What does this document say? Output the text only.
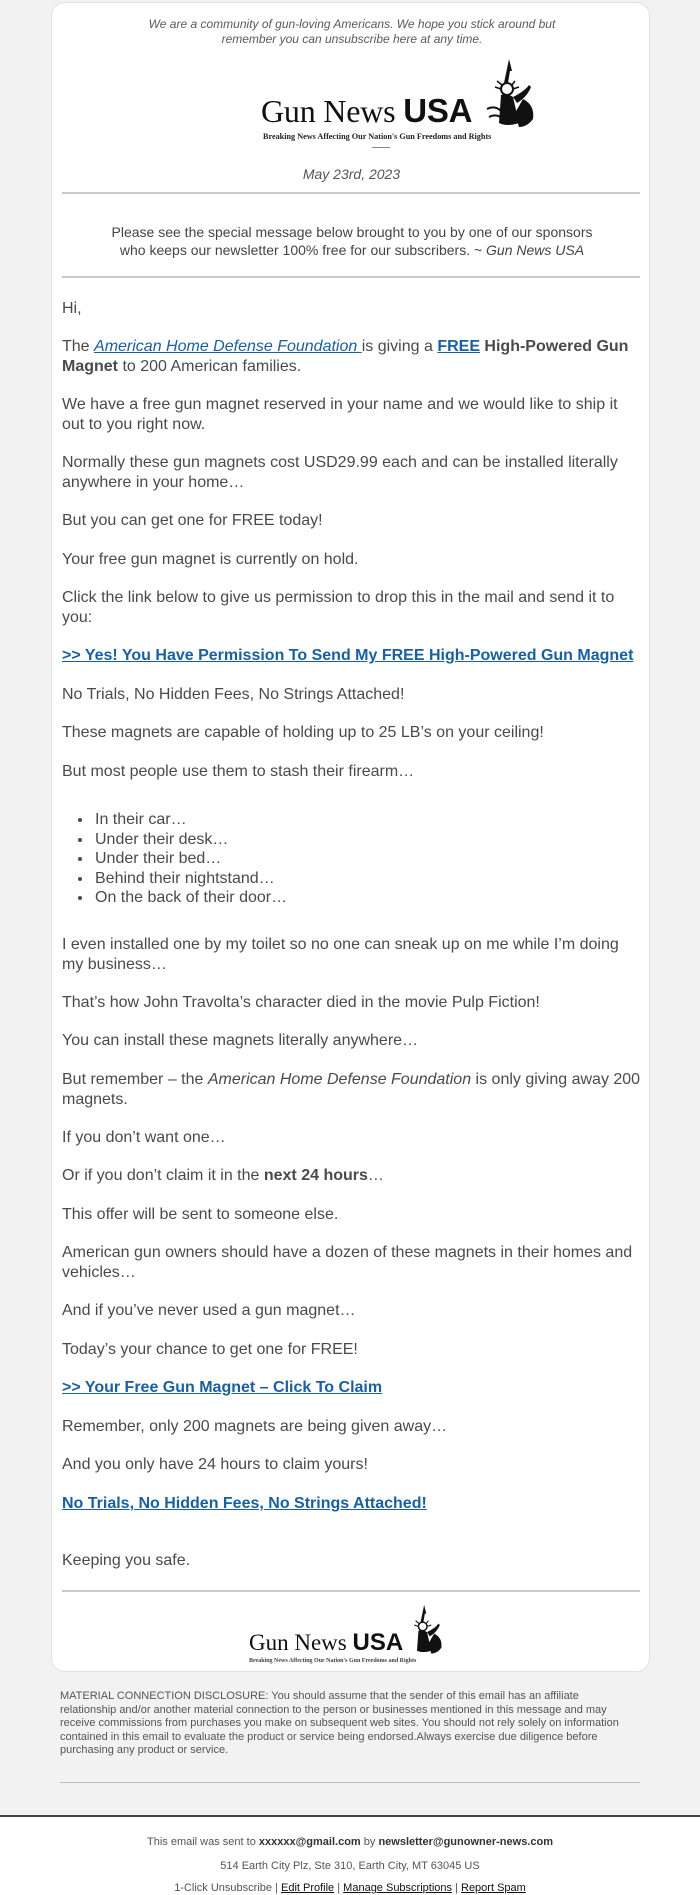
We are a community of gun-loving Americans. We hope you stick around but remember you can unsubscribe here at any time.
Gun News USA
Breaking News Affecting Our Nation's Gun Freedoms and Rights
May 23rd, 2023
Please see the special message below brought to you by one of our sponsors
who keeps our newsletter 100% free for our subscribers. ~ Gun News USA

Hi,

The American Home Defense Foundation is giving a FREE High-Powered Gun Magnet to 200 American families.

We have a free gun magnet reserved in your name and we would like to ship it out to you right now.

Normally these gun magnets cost USD29.99 each and can be installed literally anywhere in your home…

But you can get one for FREE today!

Your free gun magnet is currently on hold.

Click the link below to give us permission to drop this in the mail and send it to you:

>> Yes! You Have Permission To Send My FREE High-Powered Gun Magnet

No Trials, No Hidden Fees, No Strings Attached!

These magnets are capable of holding up to 25 LB’s on your ceiling!

But most people use them to stash their firearm…

• In their car…
• Under their desk…
• Under their bed…
• Behind their nightstand…
• On the back of their door…

I even installed one by my toilet so no one can sneak up on me while I’m doing my business…

That’s how John Travolta’s character died in the movie Pulp Fiction!

You can install these magnets literally anywhere…

But remember – the American Home Defense Foundation is only giving away 200 magnets.

If you don’t want one…

Or if you don’t claim it in the next 24 hours…

This offer will be sent to someone else.

American gun owners should have a dozen of these magnets in their homes and vehicles…

And if you’ve never used a gun magnet…

Today’s your chance to get one for FREE!

>> Your Free Gun Magnet – Click To Claim

Remember, only 200 magnets are being given away…

And you only have 24 hours to claim yours!

No Trials, No Hidden Fees, No Strings Attached!

Keeping you safe.

Gun News USA
Breaking News Affecting Our Nation's Gun Freedoms and Rights
MATERIAL CONNECTION DISCLOSURE: You should assume that the sender of this email has an affiliate relationship and/or another material connection to the person or businesses mentioned in this message and may receive commissions from purchases you make on subsequent web sites. You should not rely solely on information contained in this email to evaluate the product or service being endorsed.Always exercise due diligence before purchasing any product or service.
This email was sent to xxxxxx@gmail.com by newsletter@gunowner-news.com
514 Earth City Plz, Ste 310, Earth City, MT 63045 US
1-Click Unsubscribe | Edit Profile | Manage Subscriptions | Report Spam
